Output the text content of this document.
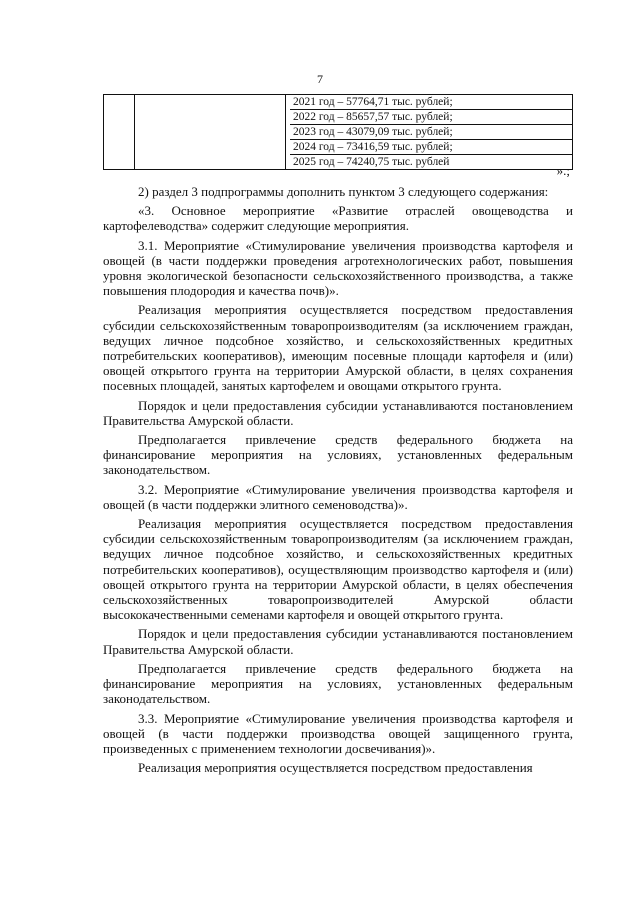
7

2021 год – 57764,71 тыс. рублей;
2022 год – 85657,57 тыс. рублей;
2023 год – 43079,09 тыс. рублей;
2024 год – 73416,59 тыс. рублей;
2025 год – 74240,75 тыс. рублей
».;

2) раздел 3 подпрограммы дополнить пунктом 3 следующего содержания:

«3. Основное мероприятие «Развитие отраслей овощеводства и картофелеводства» содержит следующие мероприятия.

3.1. Мероприятие «Стимулирование увеличения производства картофеля и овощей (в части поддержки проведения агротехнологических работ, повышения уровня экологической безопасности сельскохозяйственного производства, а также повышения плодородия и качества почв)».

Реализация мероприятия осуществляется посредством предоставления субсидии сельскохозяйственным товаропроизводителям (за исключением граждан, ведущих личное подсобное хозяйство, и сельскохозяйственных кредитных потребительских кооперативов), имеющим посевные площади картофеля и (или) овощей открытого грунта на территории Амурской области, в целях сохранения посевных площадей, занятых картофелем и овощами открытого грунта.

Порядок и цели предоставления субсидии устанавливаются постановлением Правительства Амурской области.

Предполагается привлечение средств федерального бюджета на финансирование мероприятия на условиях, установленных федеральным законодательством.

3.2. Мероприятие «Стимулирование увеличения производства картофеля и овощей (в части поддержки элитного семеноводства)».

Реализация мероприятия осуществляется посредством предоставления субсидии сельскохозяйственным товаропроизводителям (за исключением граждан, ведущих личное подсобное хозяйство, и сельскохозяйственных кредитных потребительских кооперативов), осуществляющим производство картофеля и (или) овощей открытого грунта на территории Амурской области, в целях обеспечения сельскохозяйственных товаропроизводителей Амурской области высококачественными семенами картофеля и овощей открытого грунта.

Порядок и цели предоставления субсидии устанавливаются постановлением Правительства Амурской области.

Предполагается привлечение средств федерального бюджета на финансирование мероприятия на условиях, установленных федеральным законодательством.

3.3. Мероприятие «Стимулирование увеличения производства картофеля и овощей (в части поддержки производства овощей защищенного грунта, произведенных с применением технологии досвечивания)».

Реализация мероприятия осуществляется посредством предоставления
